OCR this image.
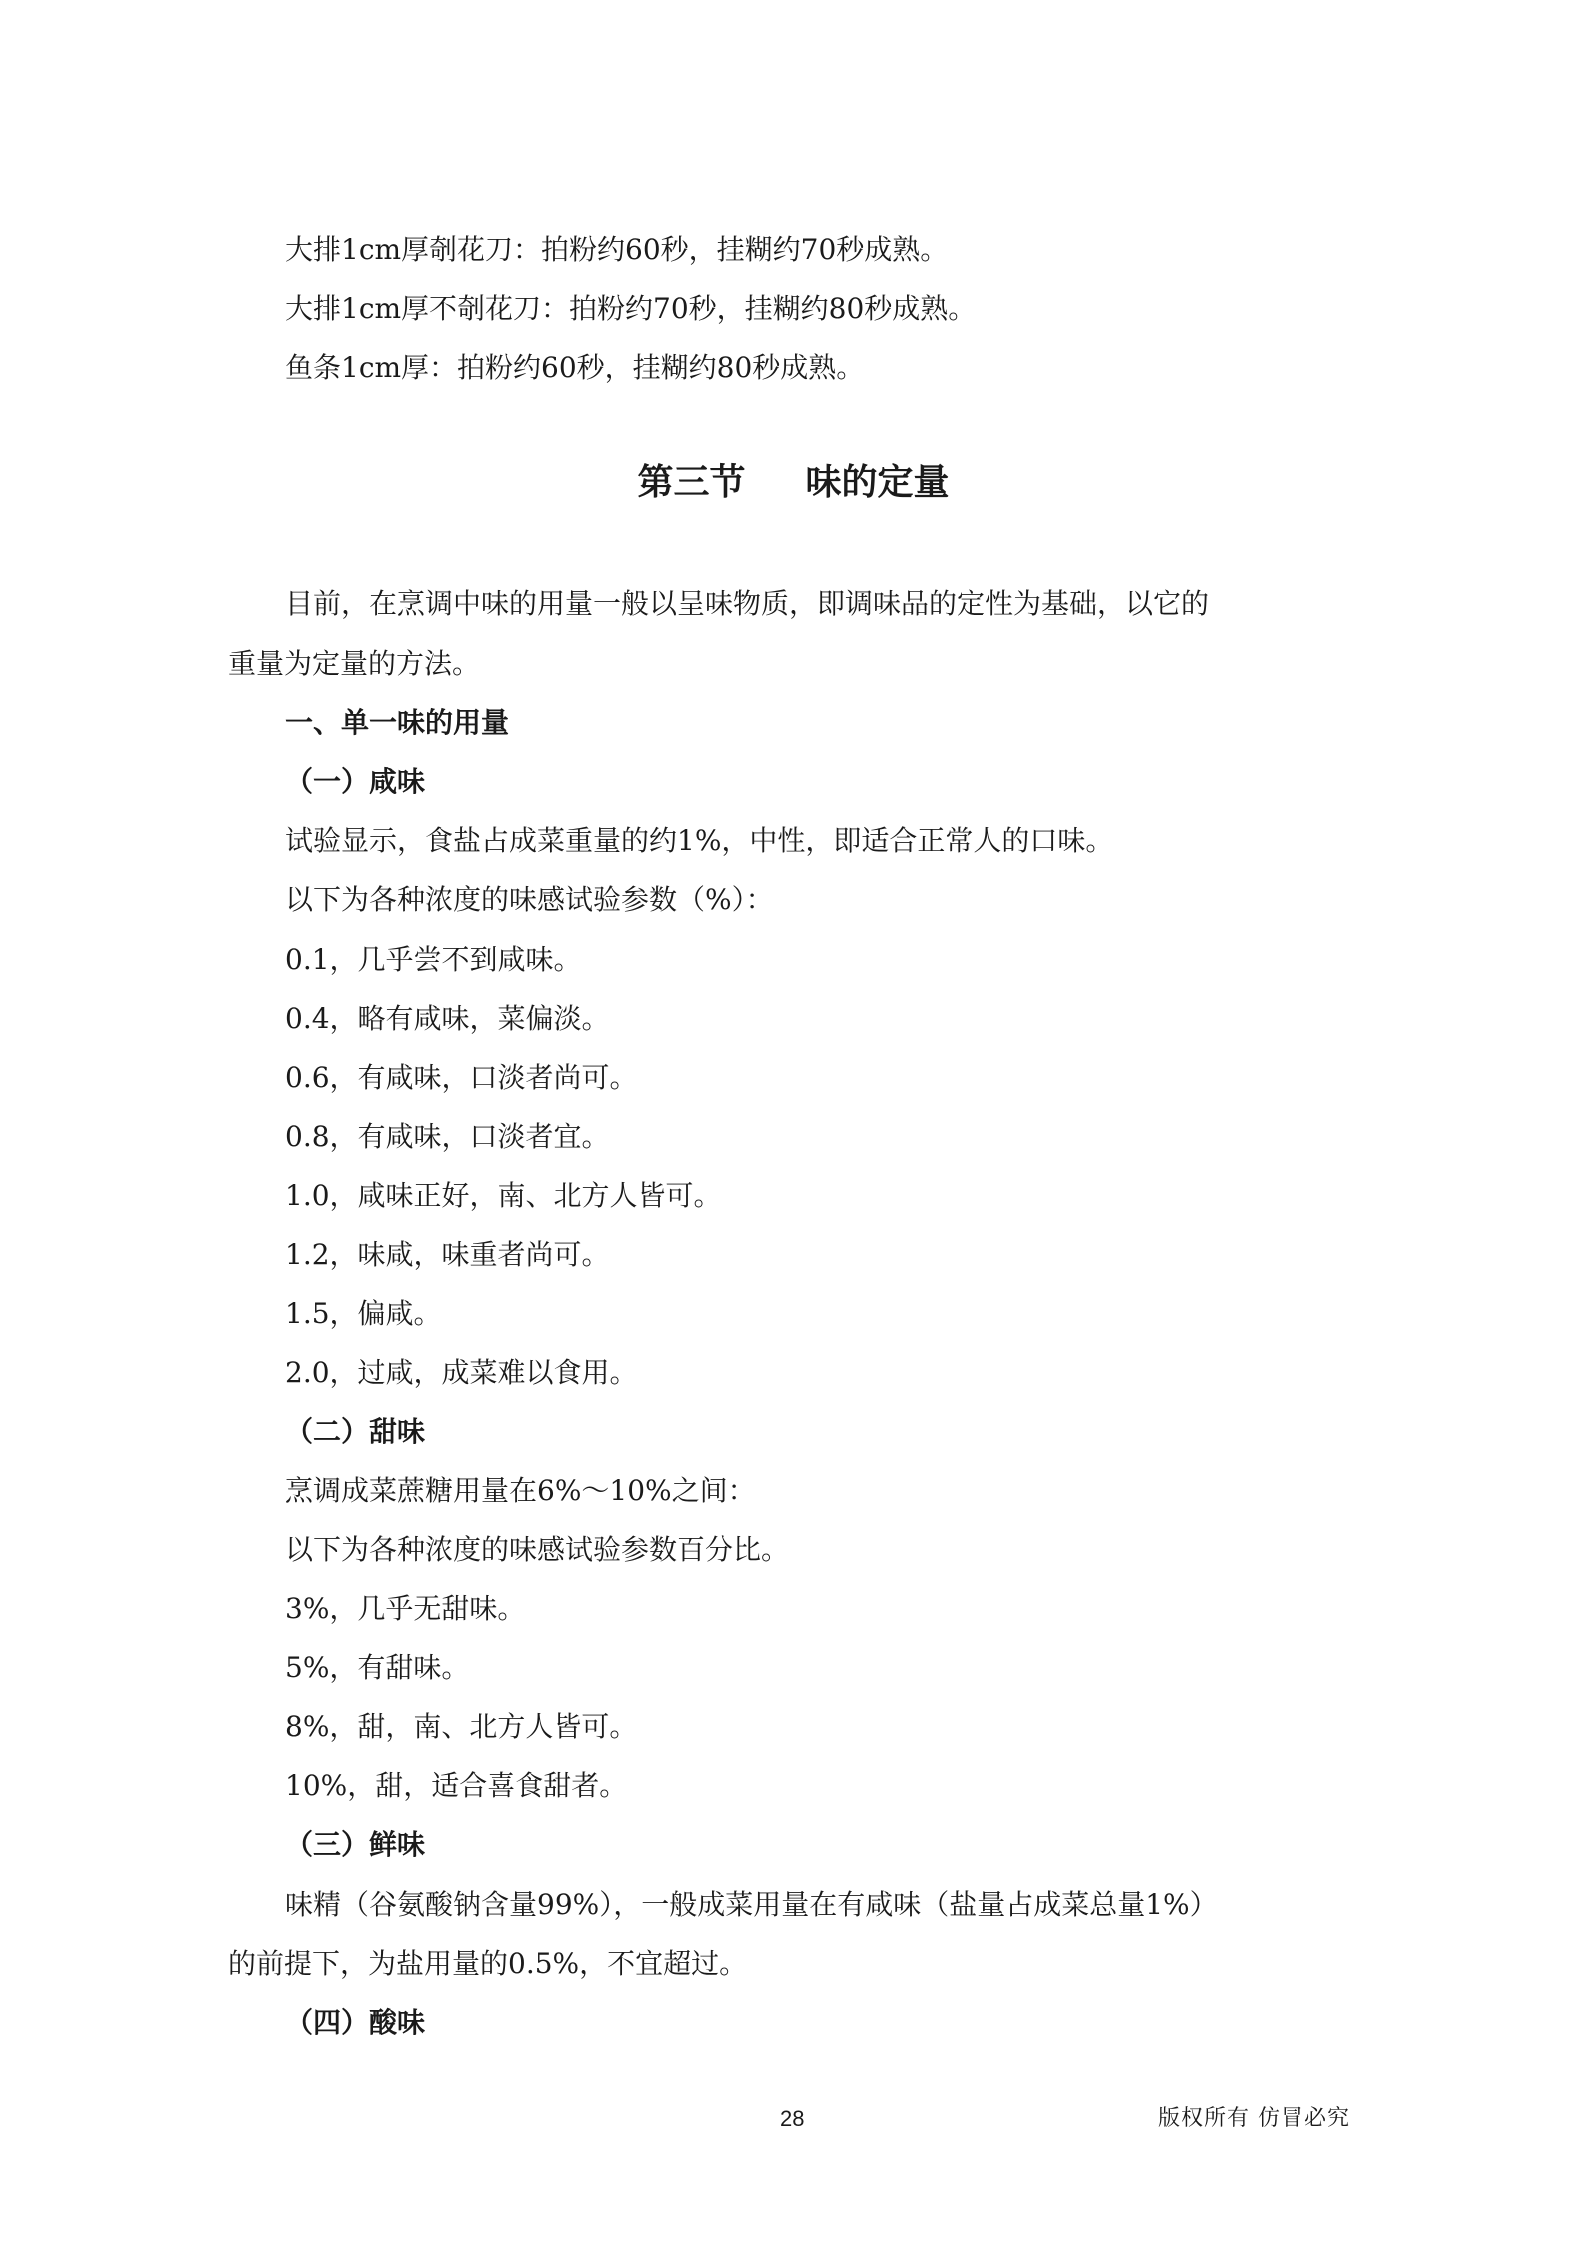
大排1cm厚剞花刀：拍粉约60秒，挂糊约70秒成熟。
大排1cm厚不剞花刀：拍粉约70秒，挂糊约80秒成熟。
鱼条1cm厚：拍粉约60秒，挂糊约80秒成熟。
第三节 味的定量
目前，在烹调中味的用量一般以呈味物质，即调味品的定性为基础，以它的
重量为定量的方法。
一、单一味的用量
（一）咸味
试验显示，食盐占成菜重量的约1%，中性，即适合正常人的口味。
以下为各种浓度的味感试验参数（%）：
0.1，几乎尝不到咸味。
0.4，略有咸味，菜偏淡。
0.6，有咸味，口淡者尚可。
0.8，有咸味，口淡者宜。
1.0，咸味正好，南、北方人皆可。
1.2，味咸，味重者尚可。
1.5，偏咸。
2.0，过咸，成菜难以食用。
（二）甜味
烹调成菜蔗糖用量在6%～10%之间：
以下为各种浓度的味感试验参数百分比。
3%，几乎无甜味。
5%，有甜味。
8%，甜，南、北方人皆可。
10%，甜，适合喜食甜者。
（三）鲜味
味精（谷氨酸钠含量99%），一般成菜用量在有咸味（盐量占成菜总量1%）
的前提下，为盐用量的0.5%，不宜超过。
（四）酸味
28	版权所有 仿冒必究
